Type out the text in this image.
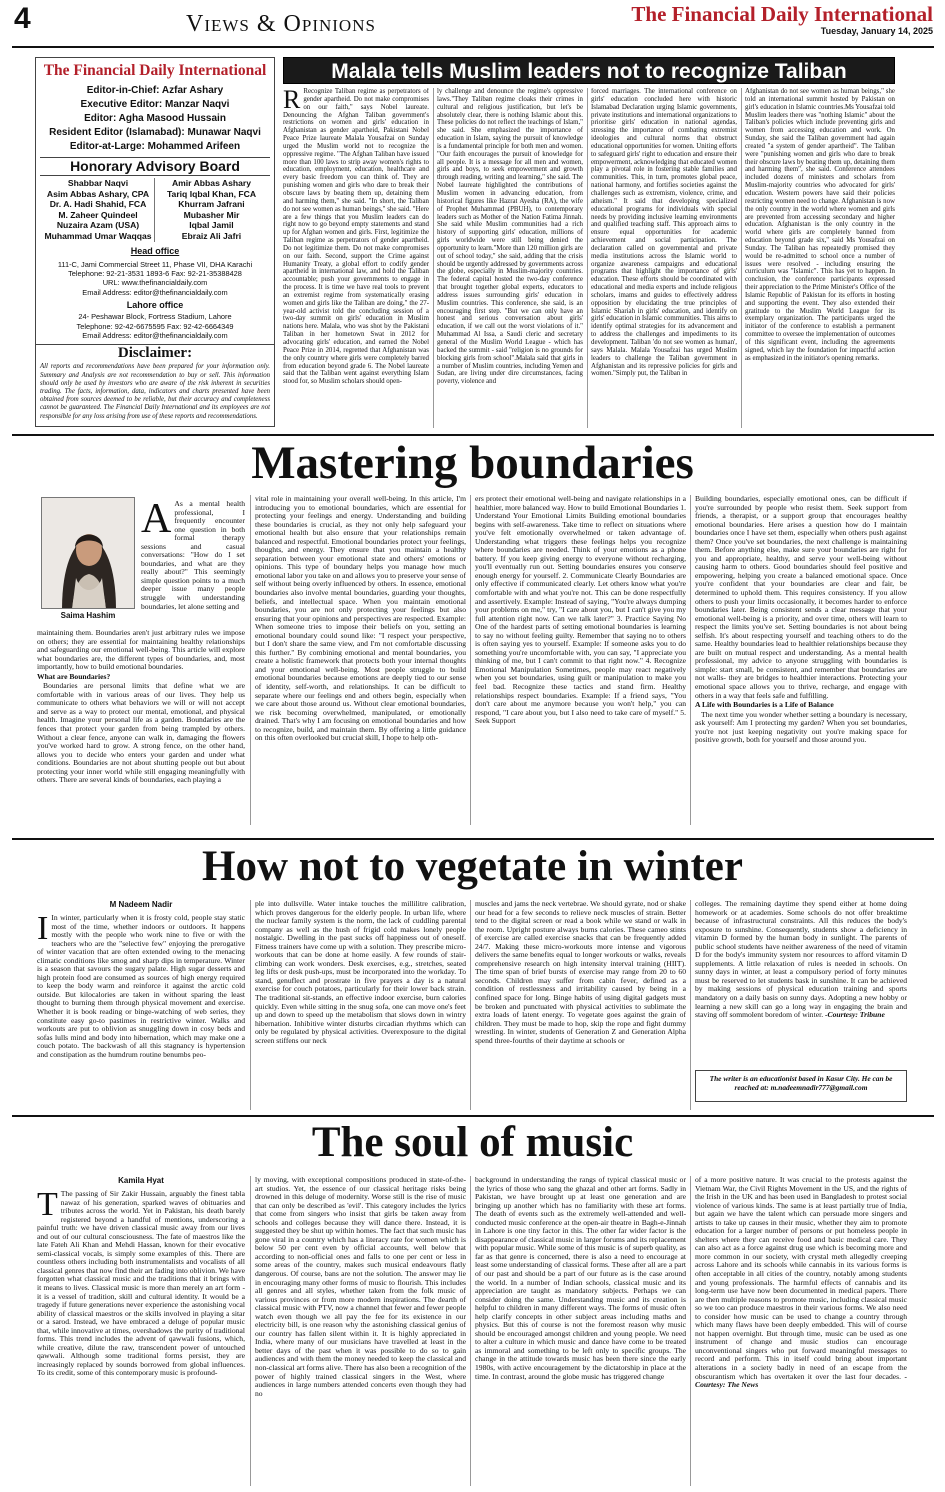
4	Views & Opinions	The Financial Daily International
Tuesday, January 14, 2025
The Financial Daily International
Editor-in-Chief: Azfar Ashary
Executive Editor: Manzar Naqvi
Editor: Agha Masood Hussain
Resident Editor (Islamabad): Munawar Naqvi
Editor-at-Large: Mohammed Arifeen
Honorary Advisory Board
Shabbar Naqvi
Asim Abbas Ashary, CPA
Dr. A. Hadi Shahid, FCA
M. Zaheer Quindeel
Nuzaira Azam (USA)
Muhammad Umar Waqqas
Amir Abbas Ashary
Tariq Iqbal Khan, FCA
Khurram Jafrani
Mubasher Mir
Iqbal Jamil
Ebraiz Ali Jafri
Head office
111-C, Jami Commercial Street 11, Phase VII, DHA Karachi
Telephone: 92-21-3531 1893-6 Fax: 92-21-35388428
URL: www.thefinancialdaily.com
Email Address: editor@thefinancialdaily.com
Lahore office
24- Peshawar Block, Fortress Stadium, Lahore
Telephone: 92-42-6675595 Fax: 92-42-6664349
Email Address: editor@thefinancialdaily.com
Disclaimer:
All reports and recommendations have been prepared for your information only. Summary and Analysis are not recommendation to buy or sell. This information should only be used by investors who are aware of the risk inherent in securities trading. The facts, information, data, indicators and charts presented have been obtained from sources deemed to be reliable, but their accuracy and completeness cannot be guaranteed. The Financial Daily International and its employees are not responsible for any loss arising from use of these reports and recommendations.
Malala tells Muslim leaders not to recognize Taliban
R Recognize Taliban regime as perpetrators of gender apartheid. Do not make compromises on our faith," says Nobel laureate. Denouncing the Afghan Taliban government's restrictions on women and girls' education in Afghanistan as gender apartheid, Pakistani Nobel Peace Prize laureate Malala Yousafzai on Sunday urged the Muslim world not to recognize the oppressive regime. "The Afghan Taliban have issued more than 100 laws to strip away women's rights to education, employment, education, healthcare and every basic freedom you can think of. They are punishing women and girls who dare to break their obscure laws by beating them up, detaining them and harming them," she said. "In short, the Taliban do not see women as human beings," she said. "Here are a few things that you Muslim leaders can do right now to go beyond empty statements and stand up for Afghan women and girls. First, legitimize the Taliban regime as perpetrators of gender apartheid. Do not legitimize them. Do not make compromises on our faith. Second, support the Crime against Humanity Treaty, a global effort to codify gender apartheid in international law, and hold the Taliban accountable; push your governments to engage in the process. It is time we have real tools to prevent an extremist regime from systematically erasing women and girls like the Taliban are doing," the 27-year-old activist told the concluding session of a two-day summit on girls' education in Muslim nations here. Malala, who was shot by the Pakistani Taliban in her hometown Swat in 2012 for advocating girls' education, and earned the Nobel Peace Prize in 2014, regretted that Afghanistan was the only country where girls were completely barred from education beyond grade 6. The Nobel laureate said that the Taliban went against everything Islam stood for, so Muslim scholars should open-
ly challenge and denounce the regime's oppressive laws."They Taliban regime cloaks their crimes in cultural and religious justification, but let's be absolutely clear, there is nothing Islamic about this. These policies do not reflect the teachings of Islam," she said. She emphasized the importance of education in Islam, saying the pursuit of knowledge is a fundamental principle for both men and women. "Our faith encourages the pursuit of knowledge for all people. It is a message for all men and women, girls and boys, to seek empowerment and growth through reading, writing and learning," she said. The Nobel laureate highlighted the contributions of Muslim women in advancing education, from historical figures like Hazrat Ayesha (RA), the wife of Prophet Muhammad (PBUH), to contemporary leaders such as Mother of the Nation Fatima Jinnah. She said while Muslim communities had a rich history of supporting girls' education, millions of girls worldwide were still being denied the opportunity to learn."More than 120 million girls are out of school today," she said, adding that the crisis should be urgently addressed by governments across the globe, especially in Muslim-majority countries. The federal capital hosted the two-day conference that brought together global experts, educators to address issues surrounding girls' education in Muslim countries. This conference, she said, is an encouraging first step. "But we can only have an honest and serious conversation about girls' education, if we call out the worst violations of it." Muhammad Al Issa, a Saudi cleric and secretary general of the Muslim World League - which has backed the summit - said "religion is no grounds for blocking girls from school".Malala said that girls in a number of Muslim countries, including Yemen and Sudan, are living under dire circumstances, facing poverty, violence and
forced marriages. The international conference on girls' education concluded here with historic Islamabad Declaration urging Islamic governments, private institutions and international organizations to prioritise girls' education in national agendas, stressing the importance of combating extremist ideologies and cultural norms that obstruct educational opportunities for women. Uniting efforts to safeguard girls' right to education and ensure their empowerment, acknowledging that educated women play a pivotal role in fostering stable families and communities. This, in turn, promotes global peace, national harmony, and fortifies societies against the challenges such as extremism, violence, crime, and atheism." It said that developing specialized educational programs for individuals with special needs by providing inclusive learning environments and qualified teaching staff. This approach aims to ensure equal opportunities for academic achievement and social participation. The declaration called on governmental and private media institutions across the Islamic world to organize awareness campaigns and educational programs that highlight the importance of girls' education. These efforts should be coordinated with educational and media experts and include religious scholars, imams and guides to effectively address opposition by elucidating the true principles of Islamic Shariah in girls' education, and identify on girls' education in Islamic communities. This aims to identify optimal strategies for its advancement and to address the challenges and impediments to its development. Taliban 'do not see women as human', says Malala. Malala Yousafzai has urged Muslim leaders to challenge the Taliban government in Afghanistan and its repressive policies for girls and women."Simply put, the Taliban in
Afghanistan do not see women as human beings," she told an international summit hosted by Pakistan on girl's education in Islamic countries.Ms Yousafzai told Muslim leaders there was "nothing Islamic" about the Taliban's policies which include preventing girls and women from accessing education and work. On Sunday, she said the Taliban government had again created "a system of gender apartheid". The Taliban were "punishing women and girls who dare to break their obscure laws by beating them up, detaining them and harming them", she said. Conference attendees included dozens of ministers and scholars from Muslim-majority countries who advocated for girls' education. Western powers have said their policies restricting women need to change. Afghanistan is now the only country in the world where women and girls are prevented from accessing secondary and higher education. Afghanistan is the only country in the world where girls are completely banned from education beyond grade six," said Ms Yousafzai on Sunday. The Taliban has repeatedly promised they would be re-admitted to school once a number of issues were resolved - including ensuring the curriculum was "Islamic". This has yet to happen. In conclusion, the conference participants expressed their appreciation to the Prime Minister's Office of the Islamic Republic of Pakistan for its efforts in hosting and supporting the event. They also extended their gratitude to the Muslim World League for its exemplary organization. The participants urged the initiator of the conference to establish a permanent committee to oversee the implementation of outcomes of this significant event, including the agreements signed, which lay the foundation for impactful action as emphasized in the initiator's opening remarks.
Mastering boundaries
Saima Hashim
A As a mental health professional, I frequently encounter one question in both formal therapy sessions and casual conversations: "How do I set boundaries, and what are they really about?" This seemingly simple question points to a much deeper issue many people struggle with understanding boundaries, let alone setting and

maintaining them. Boundaries aren't just arbitrary rules we impose on others; they are essential for maintaining healthy relationships and safeguarding our emotional well-being. This article will explore what boundaries are, the different types of boundaries, and, most importantly, how to build emotional boundaries.

What are Boundaries?

Boundaries are personal limits that define what we are comfortable with in various areas of our lives. They help us communicate to others what behaviors we will or will not accept and serve as a way to protect our mental, emotional, and physical health. Imagine your personal life as a garden. Boundaries are the fences that protect your garden from being trampled by others. Without a clear fence, anyone can walk in, damaging the flowers you've worked hard to grow. A strong fence, on the other hand, allows you to decide who enters your garden and under what conditions. Boundaries are not about shutting people out but about protecting your inner world while still engaging meaningfully with others. There are several kinds of boundaries, each playing a

vital role in maintaining your overall well-being. In this article, I'm introducing you to emotional boundaries, which are essential for protecting your feelings and energy. Understanding and building these boundaries is crucial, as they not only help safeguard your emotional health but also ensure that your relationships remain balanced and respectful. Emotional boundaries protect your feelings, thoughts, and energy. They ensure that you maintain a healthy separation between your emotional state and others' emotions or opinions. This type of boundary helps you manage how much emotional labor you take on and allows you to preserve your sense of self without being overly influenced by others. In essence, emotional boundaries also involve mental boundaries, guarding your thoughts, beliefs, and intellectual space. When you maintain emotional boundaries, you are not only protecting your feelings but also ensuring that your opinions and perspectives are respected. Example: When someone tries to impose their beliefs on you, setting an emotional boundary could sound like: "I respect your perspective, but I don't share the same view, and I'm not comfortable discussing this further." By combining emotional and mental boundaries, you create a holistic framework that protects both your internal thoughts and your emotional well-being. Most people struggle to build emotional boundaries because emotions are deeply tied to our sense of identity, self-worth, and relationships. It can be difficult to separate where our feelings end and others begin, especially when we care about those around us. Without clear emotional boundaries, we risk becoming overwhelmed, manipulated, or emotionally drained. That's why I am focusing on emotional boundaries and how to recognize, build, and maintain them. By offering a little guidance on this often overlooked but crucial skill, I hope to help oth-
ers protect their emotional well-being and navigate relationships in a healthier, more balanced way. How to build Emotional Boundaries 1. Understand Your Emotional Limits Building emotional boundaries begins with self-awareness. Take time to reflect on situations where you've felt emotionally overwhelmed or taken advantage of. Understanding what triggers these feelings helps you recognize where boundaries are needed. Think of your emotions as a phone battery. If you keep giving energy to everyone without recharging, you'll eventually run out. Setting boundaries ensures you conserve enough energy for yourself. 2. Communicate Clearly Boundaries are only effective if communicated clearly. Let others know what you're comfortable with and what you're not. This can be done respectfully and assertively. Example: Instead of saying, "You're always dumping your problems on me," try, "I care about you, but I can't give you my full attention right now. Can we talk later?" 3. Practice Saying No One of the hardest parts of setting emotional boundaries is learning to say no without feeling guilty. Remember that saying no to others is often saying yes to yourself. Example: If someone asks you to do something you're uncomfortable with, you can say, "I appreciate you thinking of me, but I can't commit to that right now." 4. Recognize Emotional Manipulation Sometimes, people may react negatively when you set boundaries, using guilt or manipulation to make you feel bad. Recognize these tactics and stand firm. Healthy relationships respect boundaries. Example: If a friend says, "You don't care about me anymore because you won't help," you can respond, "I care about you, but I also need to take care of myself." 5. Seek Support

Building boundaries, especially emotional ones, can be difficult if you're surrounded by people who resist them. Seek support from friends, a therapist, or a support group that encourages healthy emotional boundaries. Here arises a question how do I maintain boundaries once I have set them, especially when others push against them? Once you've set boundaries, the next challenge is maintaining them. Before anything else, make sure your boundaries are right for you and appropriate, healthy, and serve your well-being without causing harm to others. Good boundaries should feel positive and empowering, helping you create a balanced emotional space. Once you're confident that your boundaries are clear and fair, be determined to uphold them. This requires consistency. If you allow others to push your limits occasionally, it becomes harder to enforce boundaries later. Being consistent sends a clear message that your emotional well-being is a priority, and over time, others will learn to respect the limits you've set. Setting boundaries is not about being selfish. It's about respecting yourself and teaching others to do the same. Healthy boundaries lead to healthier relationships because they are built on mutual respect and understanding. As a mental health professional, my advice to anyone struggling with boundaries is simple: start small, be consistent, and remember that boundaries are not walls- they are bridges to healthier interactions. Protecting your emotional space allows you to thrive, recharge, and engage with others in a way that feels safe and fulfilling.

A Life with Boundaries is a Life of Balance

The next time you wonder whether setting a boundary is necessary, ask yourself: Am I protecting my garden? When you set boundaries, you're not just keeping negativity out you're making space for positive growth, both for yourself and those around you.

How not to vegetate in winter
M Nadeem Nadir
I In winter, particularly when it is frosty cold, people stay static most of the time, whether indoors or outdoors. It happens mostly with the people who work nine to five or with the teachers who are the "selective few" enjoying the prerogative of winter vacation that are often extended owing to the menacing climatic conditions like smog and sharp dips in temperature. Winter is a season that savours the sugary palate. High sugar desserts and high protein food are consumed as sources of high energy required to keep the body warm and reinforce it against the arctic cold outside. But kilocalories are taken in without sparing the least thought to burning them through physical movement and exercise. Whether it is book reading or binge-watching of web series, they constitute easy go-to pastimes in restrictive winter. Walks and workouts are put to oblivion as snuggling down in cosy beds and sofas lulls mind and body into hibernation, which may make one a couch potato. The backwash of all this stagnancy is hypertension and constipation as the humdrum routine benumbs peo-
ple into dullsville. Water intake touches the millilitre calibration, which proves dangerous for the elderly people. In urban life, where the nuclear family system is the norm, the lack of cuddling parental company as well as the hush of frigid cold makes lonely people nostalgic. Dwelling in the past sucks off happiness out of oneself. Fitness trainers have come up with a solution. They prescribe micro-workouts that can be done at home easily. A few rounds of stair-climbing can work wonders. Desk exercises, e.g., stretches, seated leg lifts or desk push-ups, must be incorporated into the workday. To stand, genuflect and prostrate in five prayers a day is a natural exercise for couch potatoes, particularly for their lower back strain. The traditional sit-stands, an effective indoor exercise, burn calories quickly. Even while sitting in the snug sofa, one can move one's feet up and down to speed up the metabolism that slows down in wintry hibernation. Inhibitive winter disturbs circadian rhythms which can only be regulated by physical activities. Overexposure to the digital screen stiffens our neck
muscles and jams the neck vertebrae. We should gyrate, nod or shake our head for a few seconds to relieve neck muscles of strain. Better tend to the digital screen or read a book while we stand or walk in the room. Upright posture always burns calories. These cameo stints of exercise are called exercise snacks that can be frequently added 24/7. Making these micro-workouts more intense and vigorous delivers the same benefits equal to longer workouts or walks, reveals comprehensive research on high intensity interval training (HIIT). The time span of brief bursts of exercise may range from 20 to 60 seconds. Children may suffer from cabin fever, defined as a condition of restlessness and irritability caused by being in a confined space for long. Binge habits of using digital gadgets must be broken and punctuated with physical activities to sublimate the extra loads of latent energy. To vegetate goes against the grain of children. They must be made to hop, skip the rope and fight dummy wrestling. In winter, students of Generation Z and Generation Alpha spend three-fourths of their daytime at schools or
colleges. The remaining daytime they spend either at home doing homework or at academies. Some schools do not offer breaktime because of infrastructural constraints. All this reduces the body's exposure to sunshine. Consequently, students show a deficiency in vitamin D formed by the human body in sunlight. The parents of public school students have neither awareness of the need of vitamin D for the body's immunity system nor resources to afford vitamin D supplements. A little relaxation of rules is needed in schools. On sunny days in winter, at least a compulsory period of forty minutes must be reserved to let students bask in sunshine. It can be achieved by making sessions of physical education training and sports mandatory on a daily basis on sunny days. Adopting a new hobby or learning a new skill can go a long way in engaging the brain and staving off sommolent boredom of winter. -Courtesy: Tribune
The writer is an educationist based in Kasur City. He can be reached at: m.nadeemnadir777@gmail.com
The soul of music
Kamila Hyat
T The passing of Sir Zakir Hussain, arguably the finest tabla nawaz of his generation, sparked waves of obituaries and tributes across the world. Yet in Pakistan, his death barely registered beyond a handful of mentions, underscoring a painful truth: we have driven classical music away from our lives and out of our cultural consciousness. The fate of maestros like the late Fateh Ali Khan and Mehdi Hassan, known for their evocative semi-classical vocals, is simply some examples of this. There are countless others including both instrumentalists and vocalists of all classical genres that now find their art fading into oblivion. We have forgotten what classical music and the traditions that it brings with it means to lives. Classical music is more than merely an art form - it is a vessel of tradition, skill and cultural identity. It would be a tragedy if future generations never experience the astonishing vocal ability of classical maestros or the skills involved in playing a sitar or a sarod. Instead, we have embraced a deluge of popular music that, while innovative at times, overshadows the purity of traditional forms. This trend includes the advent of qawwali fusions, which, while creative, dilute the raw, transcendent power of untouched qawwali. Although some traditional forms persist, they are increasingly replaced by sounds borrowed from global influences. To its credit, some of this contemporary music is profound-
ly moving, with exceptional compositions produced in state-of-the-art studios. Yet, the essence of our classical heritage risks being drowned in this deluge of modernity. Worse still is the rise of music that can only be described as 'evil'. This category includes the lyrics that come from singers who insist that girls be taken away from schools and colleges because they will dance there. Instead, it is suggested they be shut up within homes. The fact that such music has gone viral in a country which has a literacy rate for women which is below 50 per cent even by official accounts, well below that according to non-official ones and falls to one per cent or less in some areas of the country, makes such musical endeavours flatly dangerous. Of course, bans are not the solution. The answer may lie in encouraging many other forms of music to flourish. This includes all genres and all styles, whether taken from the folk music of various provinces or from more modern inspirations. The dearth of classical music with PTV, now a channel that fewer and fewer people watch even though we all pay the fee for its existence in our electricity bill, is one reason why the astonishing classical genius of our country has fallen silent within it. It is highly appreciated in India, where many of our musicians have travelled at least in the better days of the past when it was possible to do so to gain audiences and with them the money needed to keep the classical and non-classical art forms alive. There has also been a recognition of the power of highly trained classical singers in the West, where audiences in large numbers attended concerts even though they had no
background in understanding the rangs of typical classical music or the lyrics of those who sang the ghazal and other art forms. Sadly in Pakistan, we have brought up at least one generation and are bringing up another which has no familiarity with these art forms. The death of events such as the extremely well-attended and well-conducted music conference at the open-air theatre in Bagh-e-Jinnah in Lahore is one tiny factor in this. The other far wider factor is the disappearance of classical music in larger forums and its replacement with popular music. While some of this music is of superb quality, as far as that genre is concerned, there is also a need to encourage at least some understanding of classical forms. These after all are a part of our past and should be a part of our future as is the case around the world. In a number of Indian schools, classical music and its appreciation are taught as mandatory subjects. Perhaps we can consider doing the same. Understanding music and its creation is helpful to children in many different ways. The forms of music often help clarify concepts in other subject areas including maths and physics. But this of course is not the foremost reason why music should be encouraged amongst children and young people. We need to alter a culture in which music and dance have come to be treated as immoral and something to be left only to specific groups. The change in the attitude towards music has been there since the early 1980s, with active encouragement by the dictatorship in place at the time. In contrast, around the globe music has triggered change
of a more positive nature. It was crucial to the protests against the Vietnam War, the Civil Rights Movement in the US, and the rights of the Irish in the UK and has been used in Bangladesh to protest social violence of various kinds. The same is at least partially true of India, but again we have the talent which can persuade more singers and artists to take up causes in their music, whether they aim to promote education for a larger number of persons or put homeless people in shelters where they can receive food and basic medical care. They can also act as a force against drug use which is becoming more and more common in our society, with crystal meth allegedly creeping across Lahore and its schools while cannabis in its various forms is often acceptable in all cities of the country, notably among students and young professionals. The harmful effects of cannabis and its long-term use have now been documented in medical papers. There are then multiple reasons to promote music, including classical music so we too can produce maestros in their various forms. We also need to consider how music can be used to change a country through which many flaws have been deeply embedded. This will of course not happen overnight. But through time, music can be used as one instrument of change and music studios can encourage unconventional singers who put forward meaningful messages to record and perform. This in itself could bring about important alterations in a society badly in need of an escape from the obscurantism which has overtaken it over the last four decades. -Courtesy: The News
